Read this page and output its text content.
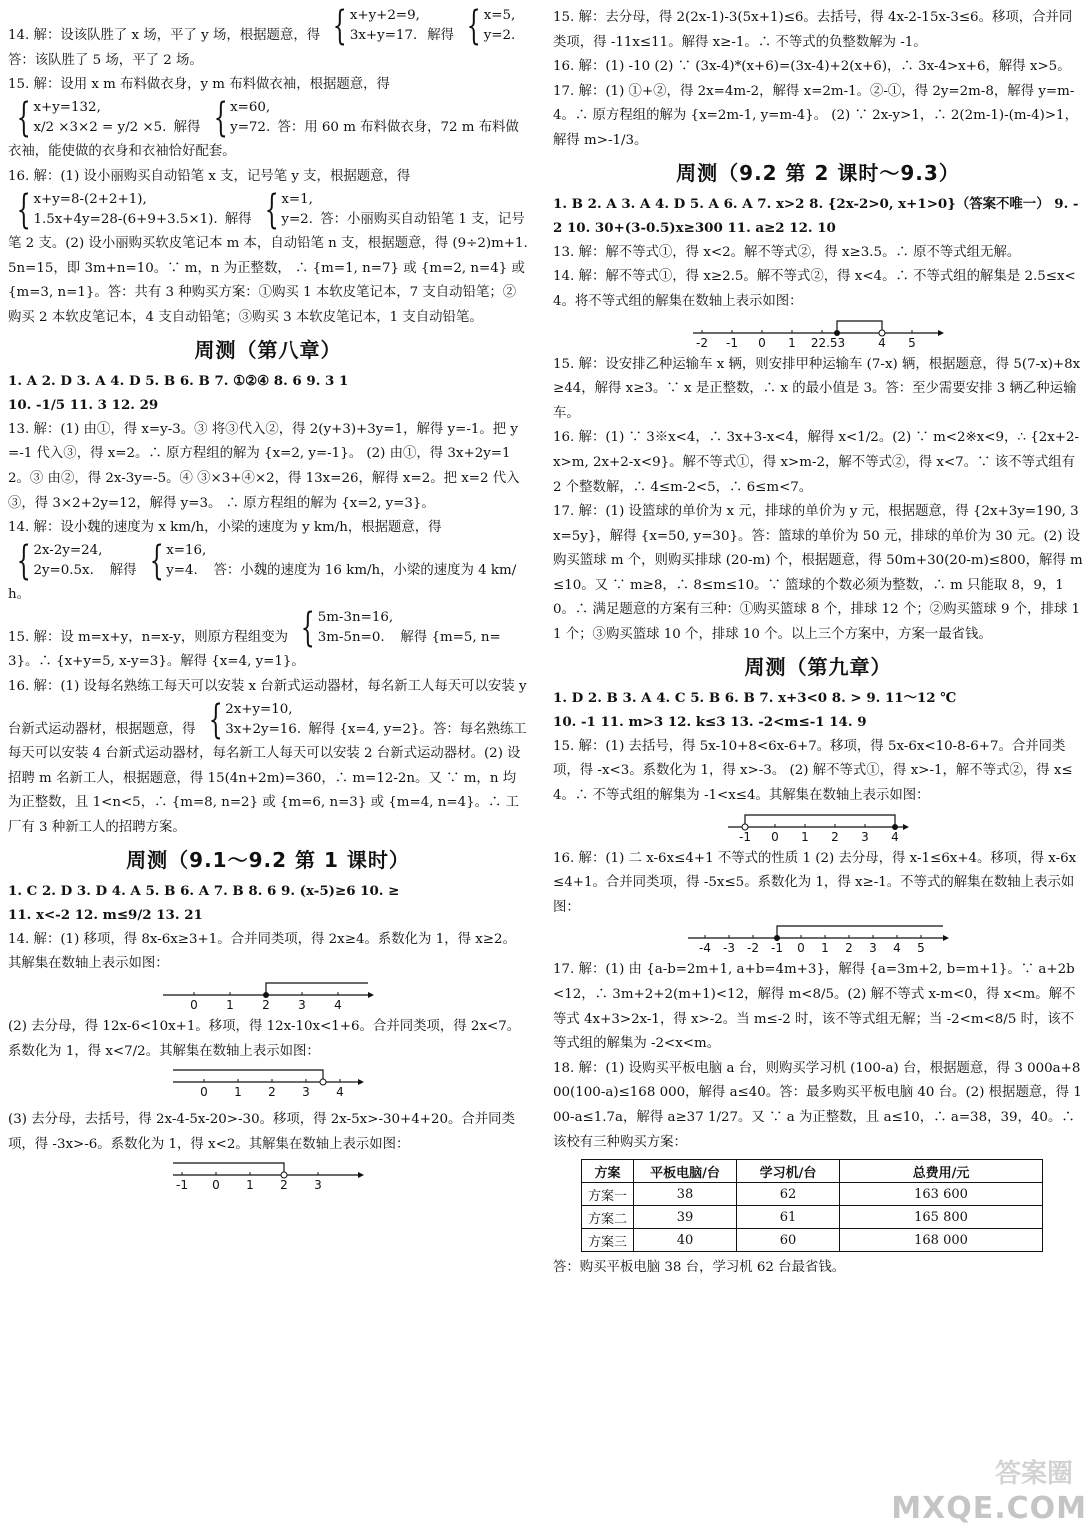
14. 解：设该队胜了 x 场，平了 y 场，根据题意，得 { x+y+2=9,
3x+y=17. 解得 { x=5,
y=2.
答：该队胜了 5 场，平了 2 场。

15. 解：设用 x m 布料做衣身，y m 布料做衣袖，根据题意，得
{ x+y=132,
x/2 ×3×2 = y/2 ×5. 解得 { x=60,
y=72. 答：用 60 m 布料做衣身，72 m 布料做衣袖，能使做的衣身和衣袖恰好配套。

16. 解：(1) 设小丽购买自动铅笔 x 支，记号笔 y 支，根据题意，得
{ x+y=8-(2+2+1),
1.5x+4y=28-(6+9+3.5×1). 解得 { x=1,
y=2. 答：小丽购买自动铅笔 1 支，记号笔 2 支。(2) 设小丽购买软皮笔记本 m 本，自动铅笔 n 支，根据题意，得 (9÷2)m+1.5n=15，即 3m+n=10。∵ m，n 为正整数， ∴ {m=1, n=7} 或 {m=2, n=4} 或 {m=3, n=1}。答：共有 3 种购买方案：①购买 1 本软皮笔记本，7 支自动铅笔；②购买 2 本软皮笔记本，4 支自动铅笔；③购买 3 本软皮笔记本，1 支自动铅笔。

周测（第八章）

1. A 2. D 3. A 4. D 5. B 6. B 7. ①②④ 8. 6 9. 3 1

10. -1/5 11. 3 12. 29

13. 解：(1) 由①，得 x=y-3。③ 将③代入②，得 2(y+3)+3y=1，解得 y=-1。把 y=-1 代入③，得 x=2。∴ 原方程组的解为 {x=2, y=-1}。 (2) 由①，得 3x+2y=12。③ 由②，得 2x-3y=-5。④ ③×3+④×2，得 13x=26，解得 x=2。把 x=2 代入③，得 3×2+2y=12，解得 y=3。 ∴ 原方程组的解为 {x=2, y=3}。

14. 解：设小魏的速度为 x km/h，小梁的速度为 y km/h，根据题意，得
{ 2x-2y=24,
2y=0.5x.	解得 { x=16,
y=4.	答：小魏的速度为 16 km/h，小梁的速度为 4 km/h。

15. 解：设 m=x+y，n=x-y，则原方程组变为 { 5m-3n=16,
3m-5n=0.	解得 {m=5, n=3}。∴ {x+y=5, x-y=3}。解得 {x=4, y=1}。

16. 解：(1) 设每名熟练工每天可以安装 x 台新式运动器材，每名新工人每天可以安装 y 台新式运动器材，根据题意，得 { 2x+y=10,
3x+2y=16. 解得 {x=4, y=2}。答：每名熟练工每天可以安装 4 台新式运动器材，每名新工人每天可以安装 2 台新式运动器材。(2) 设招聘 m 名新工人，根据题意，得 15(4n+2m)=360，∴ m=12-2n。又 ∵ m，n 均为正整数，且 1<n<5，∴ {m=8, n=2} 或 {m=6, n=3} 或 {m=4, n=4}。∴ 工厂有 3 种新工人的招聘方案。

周测（9.1～9.2 第 1 课时）

1. C 2. D 3. D 4. A 5. B 6. A 7. B 8. 6 9. (x-5)≥6 10. ≥

11. x<-2 12. m≤9/2 13. 21

14. 解：(1) 移项，得 8x-6x≥3+1。合并同类项，得 2x≥4。系数化为 1，得 x≥2。其解集在数轴上表示如图：

0 1 2 3 4

(2) 去分母，得 12x-6<10x+1。移项，得 12x-10x<1+6。合并同类项，得 2x<7。系数化为 1，得 x<7/2。其解集在数轴上表示如图：

0 1 2 3 4

(3) 去分母，去括号，得 2x-4-5x-20>-30。移项，得 2x-5x>-30+4+20。合并同类项，得 -3x>-6。系数化为 1，得 x<2。其解集在数轴上表示如图：

-1 0 1 2 3

15. 解：去分母，得 2(2x-1)-3(5x+1)≤6。去括号，得 4x-2-15x-3≤6。移项，合并同类项，得 -11x≤11。解得 x≥-1。∴ 不等式的负整数解为 -1。

16. 解：(1) -10 (2) ∵ (3x-4)*(x+6)=(3x-4)+2(x+6)，∴ 3x-4>x+6，解得 x>5。

17. 解：(1) ①+②，得 2x=4m-2，解得 x=2m-1。②-①，得 2y=2m-8，解得 y=m-4。∴ 原方程组的解为 {x=2m-1, y=m-4}。 (2) ∵ 2x-y>1，∴ 2(2m-1)-(m-4)>1，解得 m>-1/3。

周测（9.2 第 2 课时～9.3）

1. B 2. A 3. A 4. D 5. A 6. A 7. x>2 8. {2x-2>0, x+1>0}（答案不唯一） 9. -2 10. 30+(3-0.5)x≥300 11. a≥2 12. 10

13. 解：解不等式①，得 x<2。解不等式②，得 x≥3.5。∴ 原不等式组无解。

14. 解：解不等式①，得 x≥2.5。解不等式②，得 x<4。∴ 不等式组的解集是 2.5≤x<4。将不等式组的解集在数轴上表示如图：

-2 -1 0 1 22.53	4 5

15. 解：设安排乙种运输车 x 辆，则安排甲种运输车 (7-x) 辆，根据题意，得 5(7-x)+8x≥44，解得 x≥3。∵ x 是正整数，∴ x 的最小值是 3。答：至少需要安排 3 辆乙种运输车。

16. 解：(1) ∵ 3※x<4，∴ 3x+3-x<4，解得 x<1/2。(2) ∵ m<2※x<9，∴ {2x+2-x>m, 2x+2-x<9}。解不等式①，得 x>m-2，解不等式②，得 x<7。∵ 该不等式组有 2 个整数解，∴ 4≤m-2<5，∴ 6≤m<7。

17. 解：(1) 设篮球的单价为 x 元，排球的单价为 y 元，根据题意，得 {2x+3y=190, 3x=5y}，解得 {x=50, y=30}。答：篮球的单价为 50 元，排球的单价为 30 元。(2) 设购买篮球 m 个，则购买排球 (20-m) 个，根据题意，得 50m+30(20-m)≤800，解得 m≤10。又 ∵ m≥8，∴ 8≤m≤10。∵ 篮球的个数必须为整数，∴ m 只能取 8，9，10。∴ 满足题意的方案有三种：①购买篮球 8 个，排球 12 个；②购买篮球 9 个，排球 11 个；③购买篮球 10 个，排球 10 个。以上三个方案中，方案一最省钱。

周测（第九章）

1. D 2. B 3. A 4. C 5. B 6. B 7. x+3<0 8. > 9. 11～12 ℃

10. -1 11. m>3 12. k≤3 13. -2<m≤-1 14. 9

15. 解：(1) 去括号，得 5x-10+8<6x-6+7。移项，得 5x-6x<10-8-6+7。合并同类项，得 -x<3。系数化为 1，得 x>-3。 (2) 解不等式①，得 x>-1，解不等式②，得 x≤4。∴ 不等式组的解集为 -1<x≤4。其解集在数轴上表示如图：

-1 0 1 2 3 4

16. 解：(1) 二 x-6x≤4+1 不等式的性质 1 (2) 去分母，得 x-1≤6x+4。移项，得 x-6x≤4+1。合并同类项，得 -5x≤5。系数化为 1，得 x≥-1。不等式的解集在数轴上表示如图：

-4 -3 -2 -1 0 1 2 3 4 5

17. 解：(1) 由 {a-b=2m+1, a+b=4m+3}，解得 {a=3m+2, b=m+1}。∵ a+2b<12，∴ 3m+2+2(m+1)<12，解得 m<8/5。(2) 解不等式 x-m<0，得 x<m。解不等式 4x+3>2x-1，得 x>-2。当 m≤-2 时，该不等式组无解；当 -2<m<8/5 时，该不等式组的解集为 -2<x<m。

18. 解：(1) 设购买平板电脑 a 台，则购买学习机 (100-a) 台，根据题意，得 3 000a+800(100-a)≤168 000，解得 a≤40。答：最多购买平板电脑 40 台。(2) 根据题意，得 100-a≤1.7a，解得 a≥37 1/27。又 ∵ a 为正整数，且 a≤10，∴ a=38，39，40。∴ 该校有三种购买方案：

方案	平板电脑/台	学习机/台	总费用/元
方案一	38	62	163 600
方案二	39	61	165 800
方案三	40	60	168 000

答：购买平板电脑 38 台，学习机 62 台最省钱。

答案圈
MXQE.COM
